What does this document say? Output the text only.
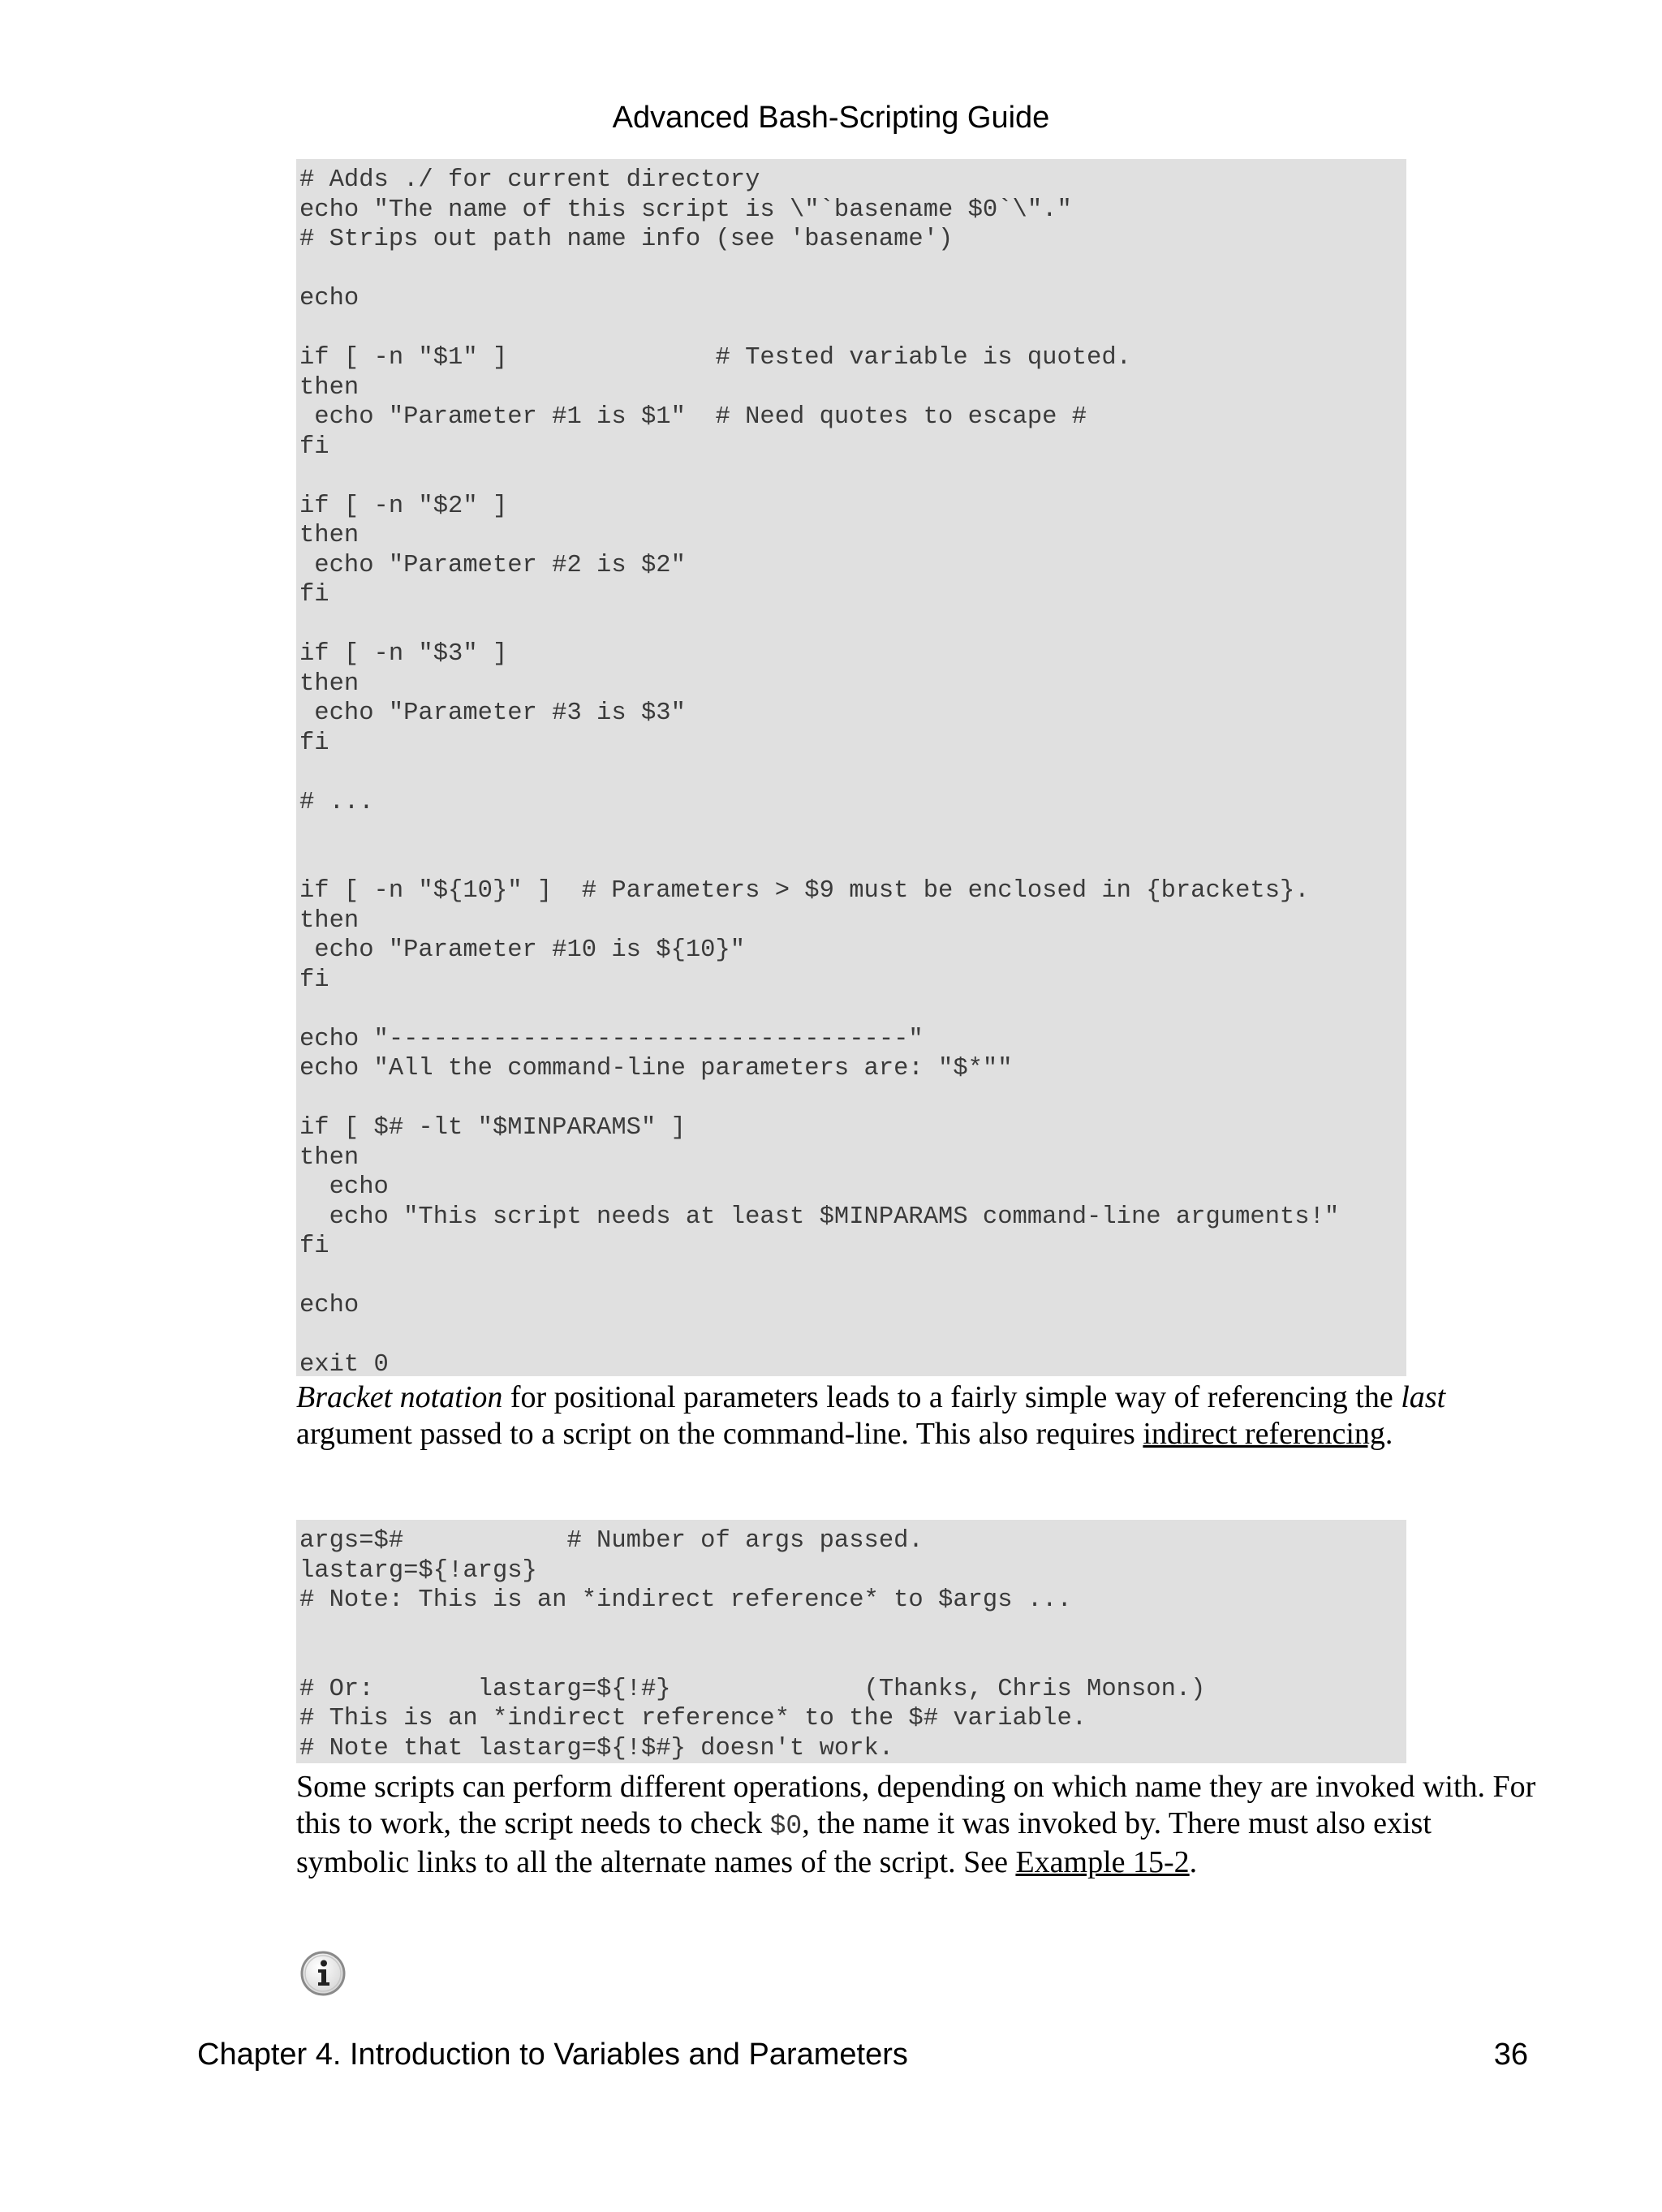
Advanced Bash-Scripting Guide
# Adds ./ for current directory
echo "The name of this script is \"`basename $0`\"."
# Strips out path name info (see 'basename')

echo

if [ -n "$1" ]              # Tested variable is quoted.
then
echo "Parameter #1 is $1"  # Need quotes to escape #
fi

if [ -n "$2" ]
then
echo "Parameter #2 is $2"
fi

if [ -n "$3" ]
then
echo "Parameter #3 is $3"
fi

# ...

if [ -n "${10}" ]  # Parameters > $9 must be enclosed in {brackets}.
then
echo "Parameter #10 is ${10}"
fi

echo "-----------------------------------"
echo "All the command-line parameters are: "$*""

if [ $# -lt "$MINPARAMS" ]
then
echo
echo "This script needs at least $MINPARAMS command-line arguments!"
fi

echo

exit 0
Bracket notation for positional parameters leads to a fairly simple way of referencing the last argument passed to a script on the command-line. This also requires indirect referencing.
args=$#           # Number of args passed.
lastarg=${!args}
# Note: This is an *indirect reference* to $args ...

# Or:       lastarg=${!#}             (Thanks, Chris Monson.)
# This is an *indirect reference* to the $# variable.
# Note that lastarg=${!$#} doesn't work.
Some scripts can perform different operations, depending on which name they are invoked with. For this to work, the script needs to check $0, the name it was invoked by. There must also exist symbolic links to all the alternate names of the script. See Example 15-2.
Chapter 4. Introduction to Variables and Parameters	36
